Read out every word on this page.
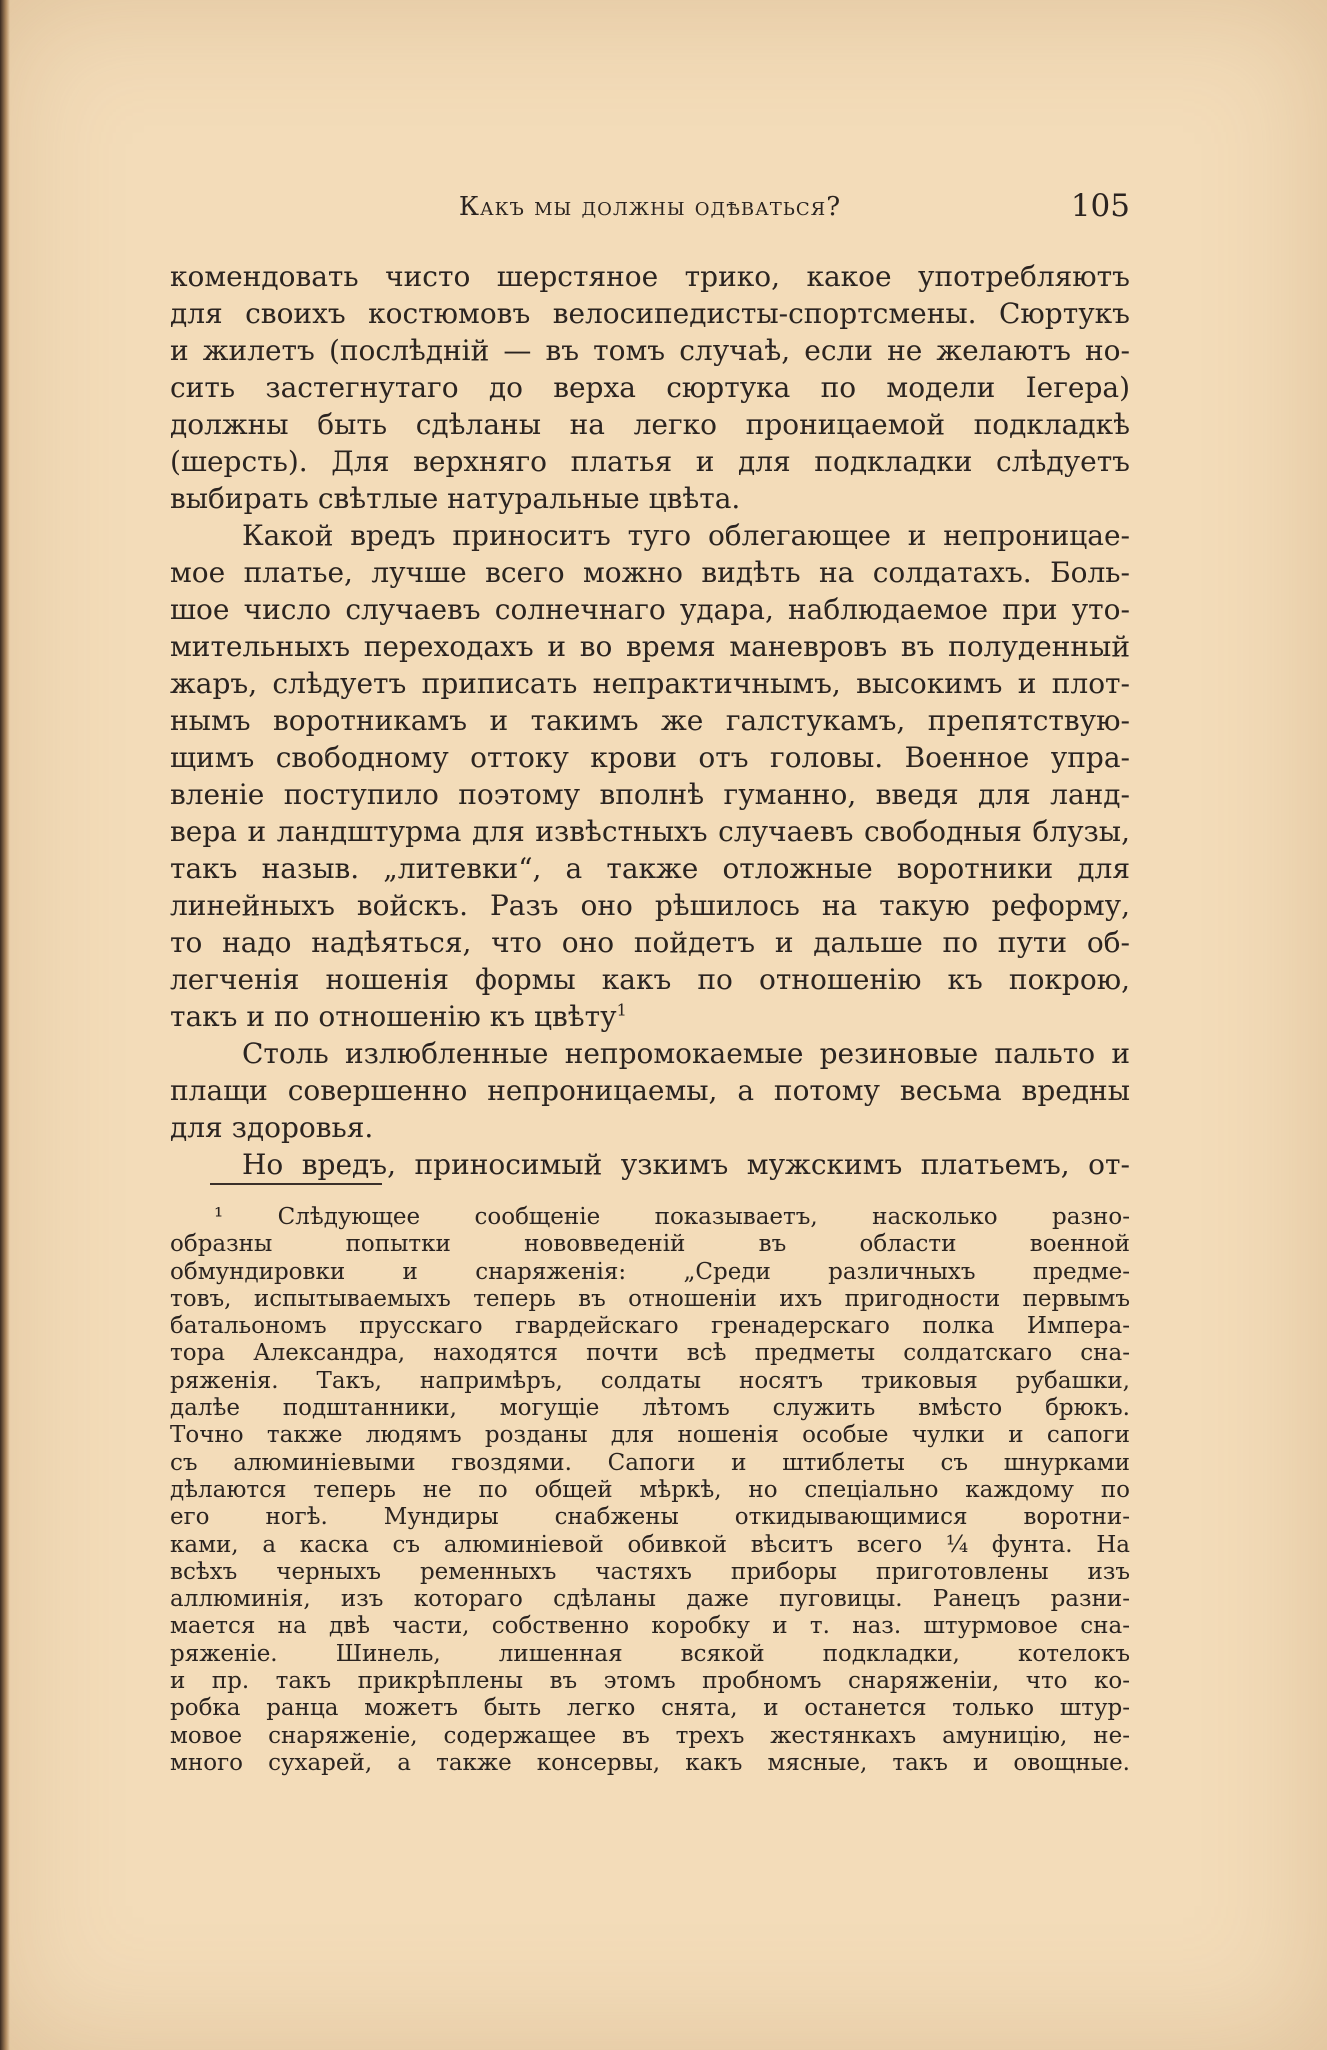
Какъ мы должны одѣваться?	105
комендовать чисто шерстяное трико, какое употребляютъ
для своихъ костюмовъ велосипедисты-спортсмены. Сюртукъ
и жилетъ (послѣдній — въ томъ случаѣ, если не желаютъ но-
сить застегнутаго до верха сюртука по модели Іегера)
должны быть сдѣланы на легко проницаемой подкладкѣ
(шерсть). Для верхняго платья и для подкладки слѣдуетъ
выбирать свѣтлые натуральные цвѣта.
Какой вредъ приноситъ туго облегающее и непроницае-
мое платье, лучше всего можно видѣть на солдатахъ. Боль-
шое число случаевъ солнечнаго удара, наблюдаемое при уто-
мительныхъ переходахъ и во время маневровъ въ полуденный
жаръ, слѣдуетъ приписать непрактичнымъ, высокимъ и плот-
нымъ воротникамъ и такимъ же галстукамъ, препятствую-
щимъ свободному оттоку крови отъ головы. Военное упра-
вленіе поступило поэтому вполнѣ гуманно, введя для ланд-
вера и ландштурма для извѣстныхъ случаевъ свободныя блузы,
такъ назыв. „литевки“, а также отложные воротники для
линейныхъ войскъ. Разъ оно рѣшилось на такую реформу,
то надо надѣяться, что оно пойдетъ и дальше по пути об-
легченія ношенія формы какъ по отношенію къ покрою,
такъ и по отношенію къ цвѣту$^1$
Столь излюбленные непромокаемые резиновые пальто и
плащи совершенно непроницаемы, а потому весьма вредны
для здоровья.
Но вредъ, приносимый узкимъ мужскимъ платьемъ, от-
¹ Слѣдующее сообщеніе показываетъ, насколько разно-
образны попытки нововведеній въ области военной
обмундировки и снаряженія: „Среди различныхъ предме-
товъ, испытываемыхъ теперь въ отношеніи ихъ пригодности первымъ
батальономъ прусскаго гвардейскаго гренадерскаго полка Импера-
тора Александра, находятся почти всѣ предметы солдатскаго сна-
ряженія. Такъ, напримѣръ, солдаты носятъ триковыя рубашки,
далѣе подштанники, могущіе лѣтомъ служить вмѣсто брюкъ.
Точно также людямъ розданы для ношенія особые чулки и сапоги
съ алюминіевыми гвоздями. Сапоги и штиблеты съ шнурками
дѣлаются теперь не по общей мѣркѣ, но спеціально каждому по
его ногѣ. Мундиры снабжены откидывающимися воротни-
ками, а каска съ алюминіевой обивкой вѣситъ всего ¼ фунта. На
всѣхъ черныхъ ременныхъ частяхъ приборы приготовлены изъ
аллюминія, изъ котораго сдѣланы даже пуговицы. Ранецъ разни-
мается на двѣ части, собственно коробку и т. наз. штурмовое сна-
ряженіе. Шинель, лишенная всякой подкладки, котелокъ
и пр. такъ прикрѣплены въ этомъ пробномъ снаряженіи, что ко-
робка ранца можетъ быть легко снята, и останется только штур-
мовое снаряженіе, содержащее въ трехъ жестянкахъ амуницію, не-
много сухарей, а также консервы, какъ мясные, такъ и овощные.
